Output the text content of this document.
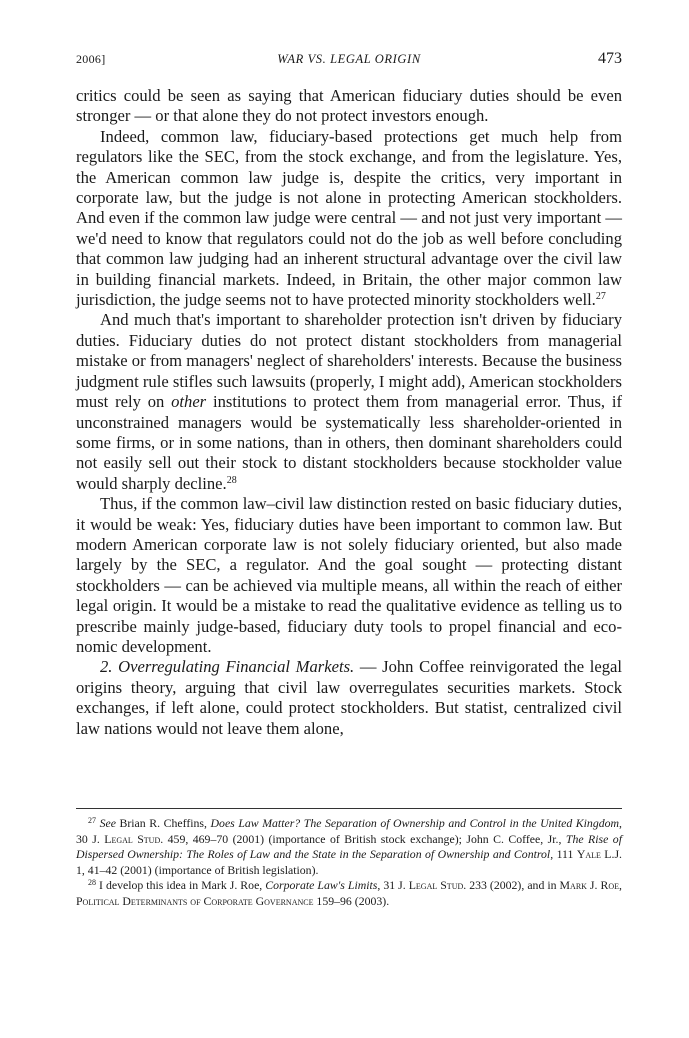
2006]	WAR VS. LEGAL ORIGIN	473

critics could be seen as saying that American fiduciary duties should be even stronger — or that alone they do not protect investors enough.

Indeed, common law, fiduciary-based protections get much help from regulators like the SEC, from the stock exchange, and from the legislature. Yes, the American common law judge is, despite the critics, very important in corporate law, but the judge is not alone in protecting American stockholders. And even if the common law judge were central — and not just very important — we'd need to know that regulators could not do the job as well before concluding that common law judging had an inherent structural advantage over the civil law in building financial markets. Indeed, in Britain, the other major common law jurisdiction, the judge seems not to have protected minority stockholders well.$^{27}$

And much that's important to shareholder protection isn't driven by fiduciary duties. Fiduciary duties do not protect distant stockholders from managerial mistake or from managers' neglect of shareholders' interests. Because the business judgment rule stifles such lawsuits (properly, I might add), American stockholders must rely on other institutions to protect them from managerial error. Thus, if unconstrained managers would be systematically less shareholder-oriented in some firms, or in some nations, than in others, then dominant shareholders could not easily sell out their stock to distant stockholders because stockholder value would sharply decline.$^{28}$

Thus, if the common law–civil law distinction rested on basic fiduciary duties, it would be weak: Yes, fiduciary duties have been important to common law. But modern American corporate law is not solely fiduciary oriented, but also made largely by the SEC, a regulator. And the goal sought — protecting distant stockholders — can be achieved via multiple means, all within the reach of either legal origin. It would be a mistake to read the qualitative evidence as telling us to prescribe mainly judge-based, fiduciary duty tools to propel financial and economic development.

2. Overregulating Financial Markets. — John Coffee reinvigorated the legal origins theory, arguing that civil law overregulates securities markets. Stock exchanges, if left alone, could protect stockholders. But statist, centralized civil law nations would not leave them alone,

$^{27}$ See Brian R. Cheffins, Does Law Matter? The Separation of Ownership and Control in the United Kingdom, 30 J. Legal Stud. 459, 469–70 (2001) (importance of British stock exchange); John C. Coffee, Jr., The Rise of Dispersed Ownership: The Roles of Law and the State in the Separation of Ownership and Control, 111 Yale L.J. 1, 41–42 (2001) (importance of British legislation).

$^{28}$ I develop this idea in Mark J. Roe, Corporate Law's Limits, 31 J. Legal Stud. 233 (2002), and in Mark J. Roe, Political Determinants of Corporate Governance 159–96 (2003).
